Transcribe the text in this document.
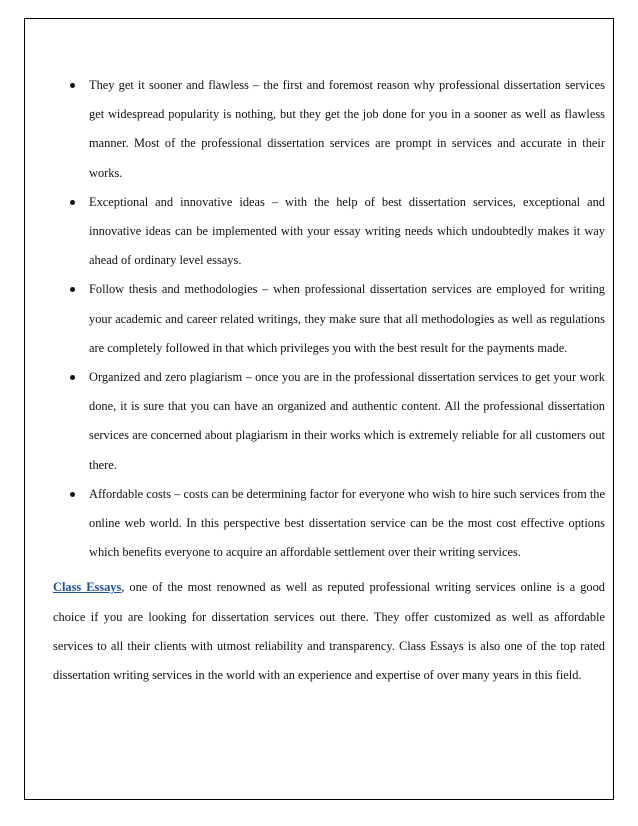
They get it sooner and flawless – the first and foremost reason why professional dissertation services get widespread popularity is nothing, but they get the job done for you in a sooner as well as flawless manner. Most of the professional dissertation services are prompt in services and accurate in their works.
Exceptional and innovative ideas – with the help of best dissertation services, exceptional and innovative ideas can be implemented with your essay writing needs which undoubtedly makes it way ahead of ordinary level essays.
Follow thesis and methodologies – when professional dissertation services are employed for writing your academic and career related writings, they make sure that all methodologies as well as regulations are completely followed in that which privileges you with the best result for the payments made.
Organized and zero plagiarism – once you are in the professional dissertation services to get your work done, it is sure that you can have an organized and authentic content. All the professional dissertation services are concerned about plagiarism in their works which is extremely reliable for all customers out there.
Affordable costs – costs can be determining factor for everyone who wish to hire such services from the online web world. In this perspective best dissertation service can be the most cost effective options which benefits everyone to acquire an affordable settlement over their writing services.

Class Essays, one of the most renowned as well as reputed professional writing services online is a good choice if you are looking for dissertation services out there. They offer customized as well as affordable services to all their clients with utmost reliability and transparency. Class Essays is also one of the top rated dissertation writing services in the world with an experience and expertise of over many years in this field.
